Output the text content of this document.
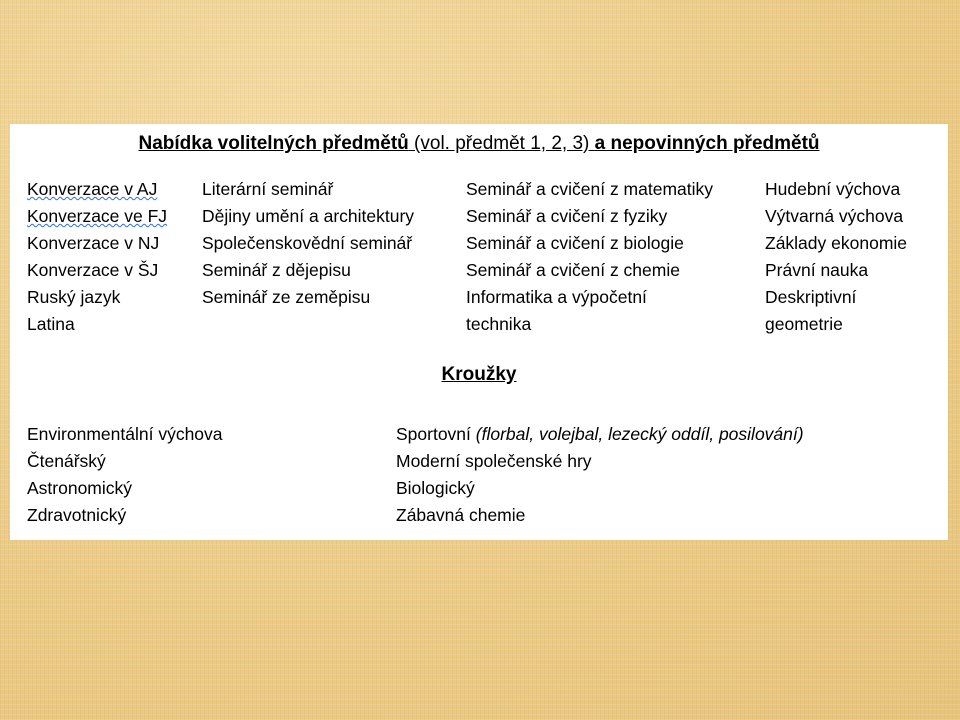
Nabídka volitelných předmětů (vol. předmět 1, 2, 3) a nepovinných předmětů
Konverzace v AJ
Konverzace ve FJ
Konverzace v NJ
Konverzace v ŠJ
Ruský jazyk
Latina
Literární seminář
Dějiny umění a architektury
Společenskovědní seminář
Seminář z dějepisu
Seminář ze zeměpisu
Seminář a cvičení z matematiky
Seminář a cvičení z fyziky
Seminář a cvičení z biologie
Seminář a cvičení z chemie
Informatika a výpočetní
technika
Hudební výchova
Výtvarná výchova
Základy ekonomie
Právní nauka
Deskriptivní
geometrie
Kroužky
Environmentální výchova
Čtenářský
Astronomický
Zdravotnický
Sportovní (florbal, volejbal, lezecký oddíl, posilování)
Moderní společenské hry
Biologický
Zábavná chemie
